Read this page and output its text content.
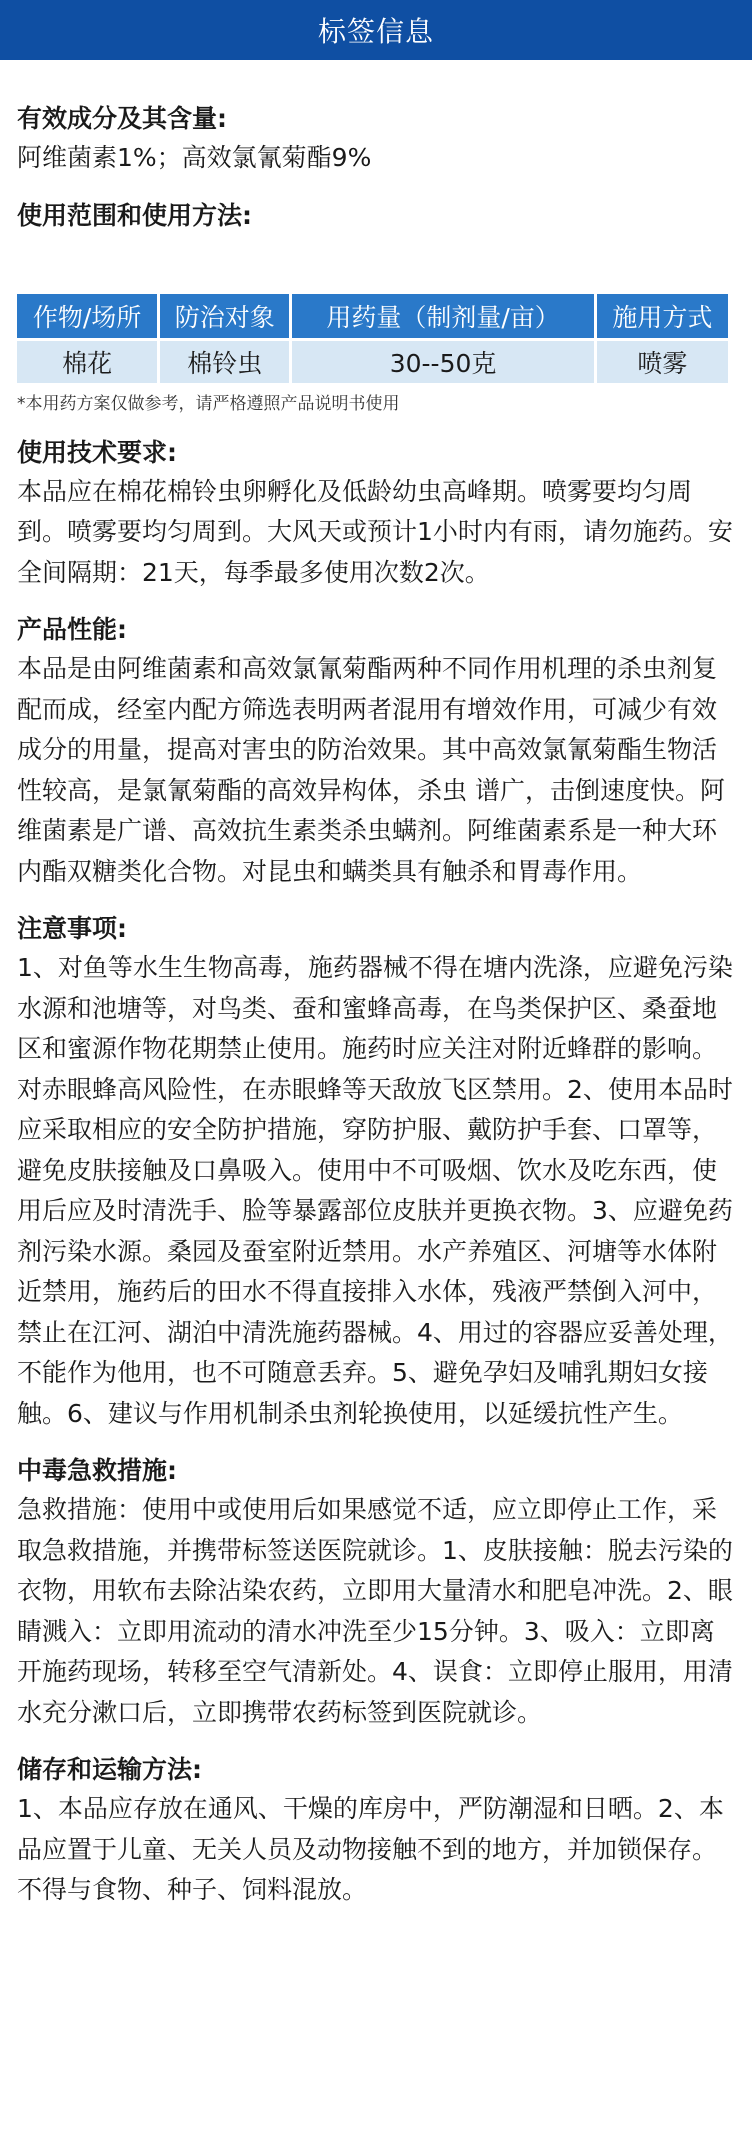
标签信息
有效成分及其含量:
阿维菌素1%；高效氯氰菊酯9%
使用范围和使用方法:
作物/场所	防治对象	用药量（制剂量/亩）	施用方式
棉花	棉铃虫	30--50克	喷雾
*本用药方案仅做参考，请严格遵照产品说明书使用
使用技术要求:
本品应在棉花棉铃虫卵孵化及低龄幼虫高峰期。喷雾要均匀周到。喷雾要均匀周到。大风天或预计1小时内有雨，请勿施药。安全间隔期：21天，每季最多使用次数2次。
产品性能:
本品是由阿维菌素和高效氯氰菊酯两种不同作用机理的杀虫剂复配而成，经室内配方筛选表明两者混用有增效作用，可减少有效成分的用量，提高对害虫的防治效果。其中高效氯氰菊酯生物活性较高，是氯氰菊酯的高效异构体，杀虫 谱广，击倒速度快。阿维菌素是广谱、高效抗生素类杀虫螨剂。阿维菌素系是一种大环内酯双糖类化合物。对昆虫和螨类具有触杀和胃毒作用。
注意事项:
1、对鱼等水生生物高毒，施药器械不得在塘内洗涤，应避免污染水源和池塘等，对鸟类、蚕和蜜蜂高毒，在鸟类保护区、桑蚕地区和蜜源作物花期禁止使用。施药时应关注对附近蜂群的影响。对赤眼蜂高风险性，在赤眼蜂等天敌放飞区禁用。2、使用本品时应采取相应的安全防护措施，穿防护服、戴防护手套、口罩等，避免皮肤接触及口鼻吸入。使用中不可吸烟、饮水及吃东西，使用后应及时清洗手、脸等暴露部位皮肤并更换衣物。3、应避免药剂污染水源。桑园及蚕室附近禁用。水产养殖区、河塘等水体附近禁用，施药后的田水不得直接排入水体，残液严禁倒入河中，禁止在江河、湖泊中清洗施药器械。4、用过的容器应妥善处理，不能作为他用，也不可随意丢弃。5、避免孕妇及哺乳期妇女接触。6、建议与作用机制杀虫剂轮换使用，以延缓抗性产生。
中毒急救措施:
急救措施：使用中或使用后如果感觉不适，应立即停止工作，采取急救措施，并携带标签送医院就诊。1、皮肤接触：脱去污染的衣物，用软布去除沾染农药，立即用大量清水和肥皂冲洗。2、眼睛溅入：立即用流动的清水冲洗至少15分钟。3、吸入：立即离开施药现场，转移至空气清新处。4、误食：立即停止服用，用清水充分漱口后，立即携带农药标签到医院就诊。
储存和运输方法:
1、本品应存放在通风、干燥的库房中，严防潮湿和日晒。2、本品应置于儿童、无关人员及动物接触不到的地方，并加锁保存。不得与食物、种子、饲料混放。
